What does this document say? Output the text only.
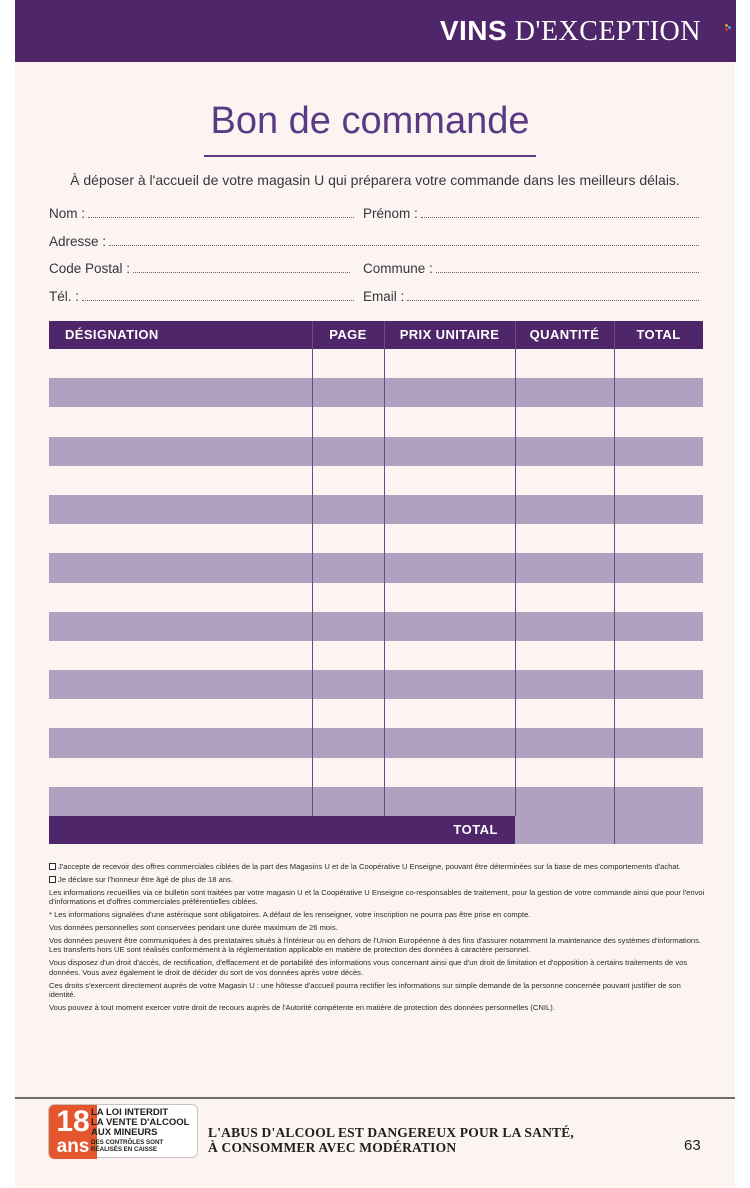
VINS D'EXCEPTION
Bon de commande

À déposer à l'accueil de votre magasin U qui préparera votre commande dans les meilleurs délais.

Nom :	Prénom :
Adresse :
Code Postal :	Commune :
Tél. :	Email :
DÉSIGNATION	PAGE	PRIX UNITAIRE	QUANTITÉ	TOTAL
TOTAL

J'accepte de recevoir des offres commerciales ciblées de la part des Magasins U et de la Coopérative U Enseigne, pouvant être déterminées sur la base de mes comportements d'achat.

Je déclare sur l'honneur être âgé de plus de 18 ans.

Les informations recueillies via ce bulletin sont traitées par votre magasin U et la Coopérative U Enseigne co-responsables de traitement, pour la gestion de votre commande ainsi que pour l'envoi d'informations et d'offres commerciales préférentielles ciblées.

* Les informations signalées d'une astérisque sont obligatoires. A défaut de les renseigner, votre inscription ne pourra pas être prise en compte.

Vos données personnelles sont conservées pendant une durée maximum de 26 mois.

Vos données peuvent être communiquées à des prestataires situés à l'intérieur ou en dehors de l'Union Européenne à des fins d'assurer notamment la maintenance des systèmes d'informations. Les transferts hors UE sont réalisés conformément à la réglementation applicable en matière de protection des données à caractère personnel.

Vous disposez d'un droit d'accès, de rectification, d'effacement et de portabilité des informations vous concernant ainsi que d'un droit de limitation et d'opposition à certains traitements de vos données. Vous avez également le droit de décider du sort de vos données après votre décès.

Ces droits s'exercent directement auprès de votre Magasin U : une hôtesse d'accueil pourra rectifier les informations sur simple demande de la personne concernée pouvant justifier de son identité.

Vous pouvez à tout moment exercer votre droit de recours auprès de l'Autorité compétente en matière de protection des données personnelles (CNIL).

18
ans
LA LOI INTERDIT
LA VENTE D'ALCOOL
AUX MINEURS
DES CONTRÔLES SONT
RÉALISÉS EN CAISSE
L'ABUS D'ALCOOL EST DANGEREUX POUR LA SANTÉ,
À CONSOMMER AVEC MODÉRATION	63
